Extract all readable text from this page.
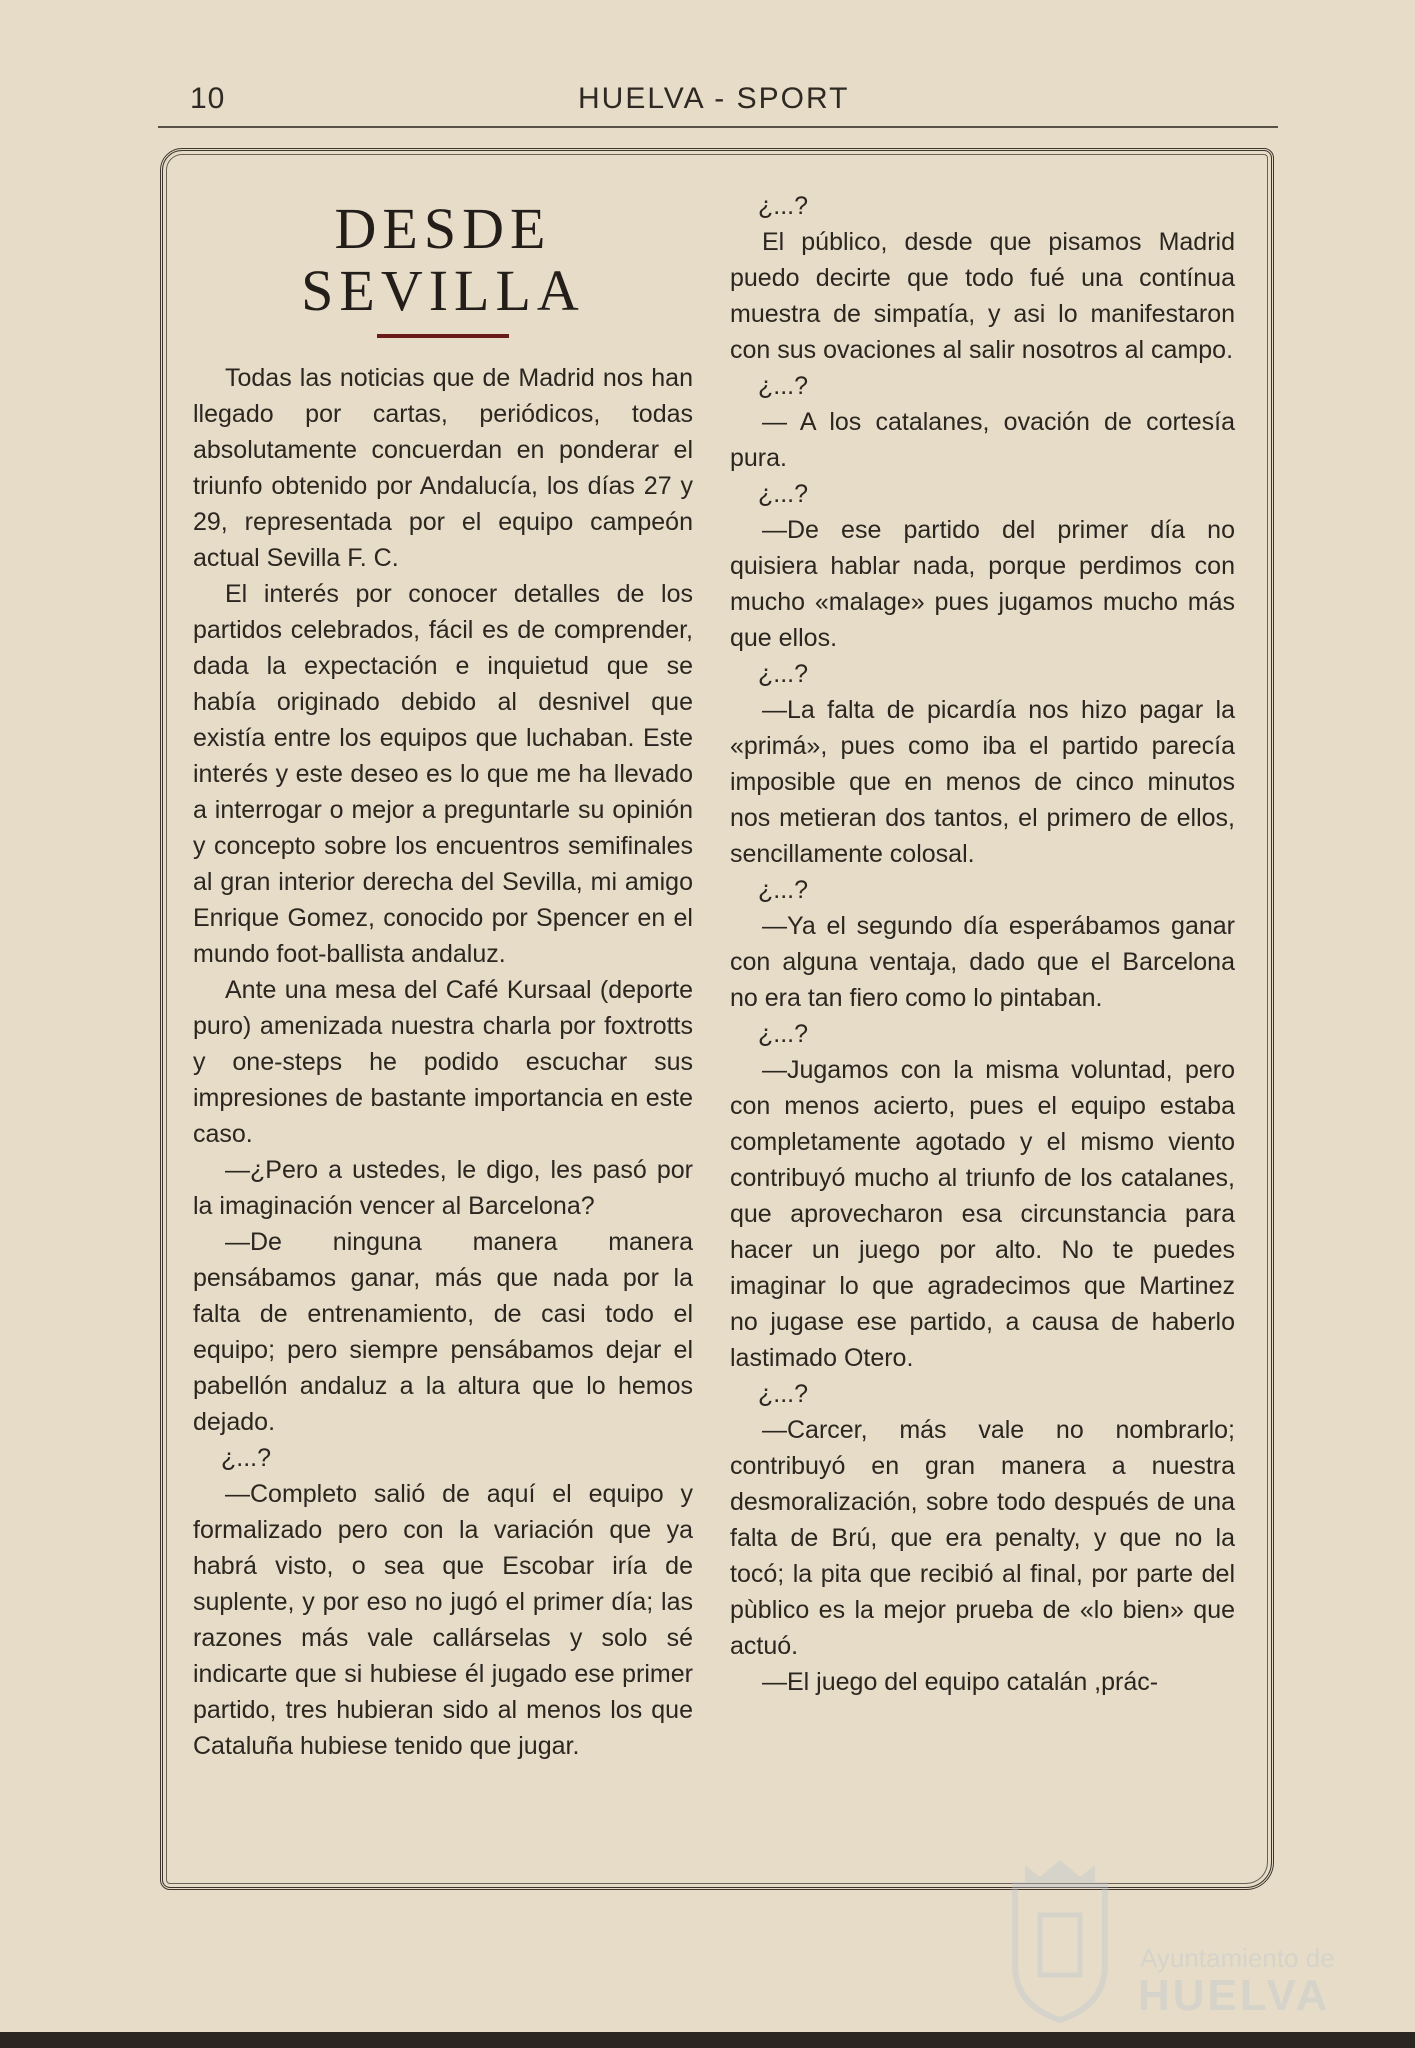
10	HUELVA - SPORT
DESDE SEVILLA

Todas las noticias que de Madrid nos han llegado por cartas, periódicos, todas absolutamente concuerdan en ponderar el triunfo obtenido por Andalucía, los días 27 y 29, representada por el equipo campeón actual Sevilla F. C.

El interés por conocer detalles de los partidos celebrados, fácil es de comprender, dada la expectación e inquietud que se había originado debido al desnivel que existía entre los equipos que luchaban. Este interés y este deseo es lo que me ha llevado a interrogar o mejor a preguntarle su opinión y concepto sobre los encuentros semifinales al gran interior derecha del Sevilla, mi amigo Enrique Gomez, conocido por Spencer en el mundo foot-ballista andaluz.

Ante una mesa del Café Kursaal (deporte puro) amenizada nuestra charla por foxtrotts y one-steps he podido escuchar sus impresiones de bastante importancia en este caso.

—¿Pero a ustedes, le digo, les pasó por la imaginación vencer al Barcelona?

—De ninguna manera manera pensábamos ganar, más que nada por la falta de entrenamiento, de casi todo el equipo; pero siempre pensábamos dejar el pabellón andaluz a la altura que lo hemos dejado.

¿...?

—Completo salió de aquí el equipo y formalizado pero con la variación que ya habrá visto, o sea que Escobar iría de suplente, y por eso no jugó el primer día; las razones más vale callárselas y solo sé indicarte que si hubiese él jugado ese primer partido, tres hubieran sido al menos los que Cataluña hubiese tenido que jugar.

¿...?

El público, desde que pisamos Madrid puedo decirte que todo fué una contínua muestra de simpatía, y asi lo manifestaron con sus ovaciones al salir nosotros al campo.

¿...?

— A los catalanes, ovación de cortesía pura.

¿...?

—De ese partido del primer día no quisiera hablar nada, porque perdimos con mucho «malage» pues jugamos mucho más que ellos.

¿...?

—La falta de picardía nos hizo pagar la «primá», pues como iba el partido parecía imposible que en menos de cinco minutos nos metieran dos tantos, el primero de ellos, sencillamente colosal.

¿...?

—Ya el segundo día esperábamos ganar con alguna ventaja, dado que el Barcelona no era tan fiero como lo pintaban.

¿...?

—Jugamos con la misma voluntad, pero con menos acierto, pues el equipo estaba completamente agotado y el mismo viento contribuyó mucho al triunfo de los catalanes, que aprovecharon esa circunstancia para hacer un juego por alto. No te puedes imaginar lo que agradecimos que Martinez no jugase ese partido, a causa de haberlo lastimado Otero.

¿...?

—Carcer, más vale no nombrarlo; contribuyó en gran manera a nuestra desmoralización, sobre todo después de una falta de Brú, que era penalty, y que no la tocó; la pita que recibió al final, por parte del pùblico es la mejor prueba de «lo bien» que actuó.

—El juego del equipo catalán ,prác-

Ayuntamiento de
HUELVA
